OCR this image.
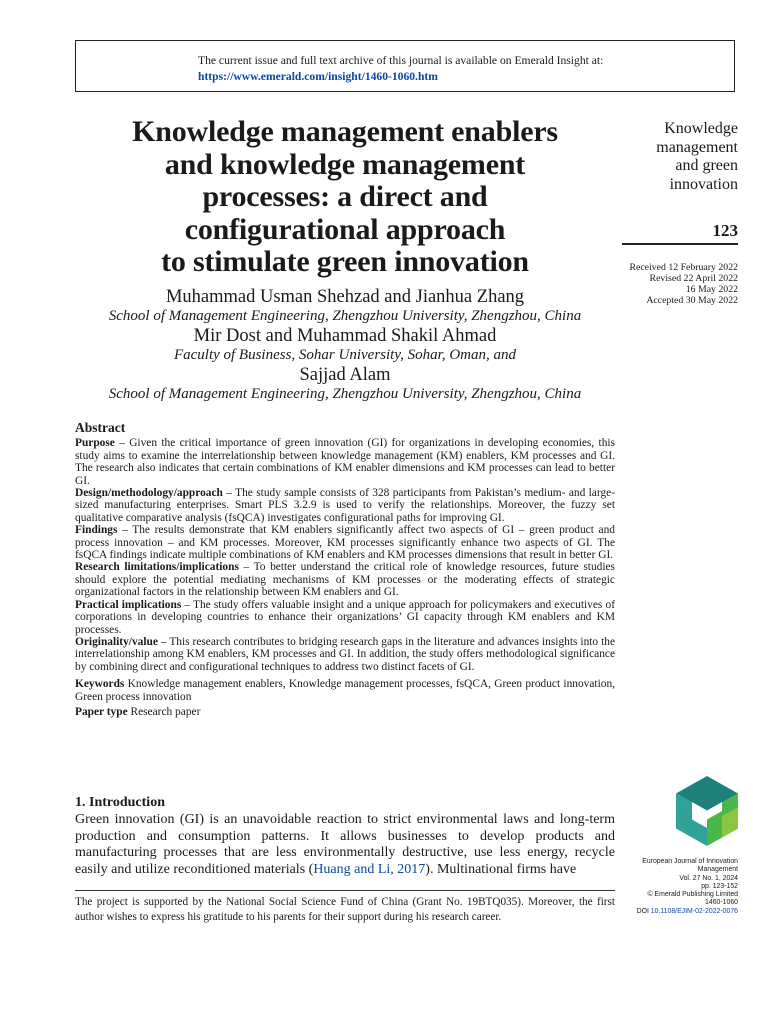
The current issue and full text archive of this journal is available on Emerald Insight at:
https://www.emerald.com/insight/1460-1060.htm
Knowledge management enablers
and knowledge management
processes: a direct and
configurational approach
to stimulate green innovation
Muhammad Usman Shehzad and Jianhua Zhang
School of Management Engineering, Zhengzhou University, Zhengzhou, China
Mir Dost and Muhammad Shakil Ahmad
Faculty of Business, Sohar University, Sohar, Oman, and
Sajjad Alam
School of Management Engineering, Zhengzhou University, Zhengzhou, China
Knowledge
management
and green
innovation
123
Received 12 February 2022
Revised 22 April 2022
16 May 2022
Accepted 30 May 2022
Abstract

Purpose – Given the critical importance of green innovation (GI) for organizations in developing economies, this study aims to examine the interrelationship between knowledge management (KM) enablers, KM processes and GI. The research also indicates that certain combinations of KM enabler dimensions and KM processes can lead to better GI.

Design/methodology/approach – The study sample consists of 328 participants from Pakistan’s medium- and large-sized manufacturing enterprises. Smart PLS 3.2.9 is used to verify the relationships. Moreover, the fuzzy set qualitative comparative analysis (fsQCA) investigates configurational paths for improving GI.

Findings – The results demonstrate that KM enablers significantly affect two aspects of GI – green product and process innovation – and KM processes. Moreover, KM processes significantly enhance two aspects of GI. The fsQCA findings indicate multiple combinations of KM enablers and KM processes dimensions that result in better GI.

Research limitations/implications – To better understand the critical role of knowledge resources, future studies should explore the potential mediating mechanisms of KM processes or the moderating effects of strategic organizational factors in the relationship between KM enablers and GI.

Practical implications – The study offers valuable insight and a unique approach for policymakers and executives of corporations in developing countries to enhance their organizations’ GI capacity through KM enablers and KM processes.

Originality/value – This research contributes to bridging research gaps in the literature and advances insights into the interrelationship among KM enablers, KM processes and GI. In addition, the study offers methodological significance by combining direct and configurational techniques to address two distinct facets of GI.

Keywords Knowledge management enablers, Knowledge management processes, fsQCA, Green product innovation, Green process innovation

Paper type Research paper

1. Introduction
Green innovation (GI) is an unavoidable reaction to strict environmental laws and long-term production and consumption patterns. It allows businesses to develop products and manufacturing processes that are less environmentally destructive, use less energy, recycle easily and utilize reconditioned materials (Huang and Li, 2017). Multinational firms have
The project is supported by the National Social Science Fund of China (Grant No. 19BTQ035). Moreover, the first author wishes to express his gratitude to his parents for their support during his research career.
European Journal of Innovation
Management
Vol. 27 No. 1, 2024
pp. 123-152
© Emerald Publishing Limited
1460-1060
DOI 10.1108/EJIM-02-2022-0076
